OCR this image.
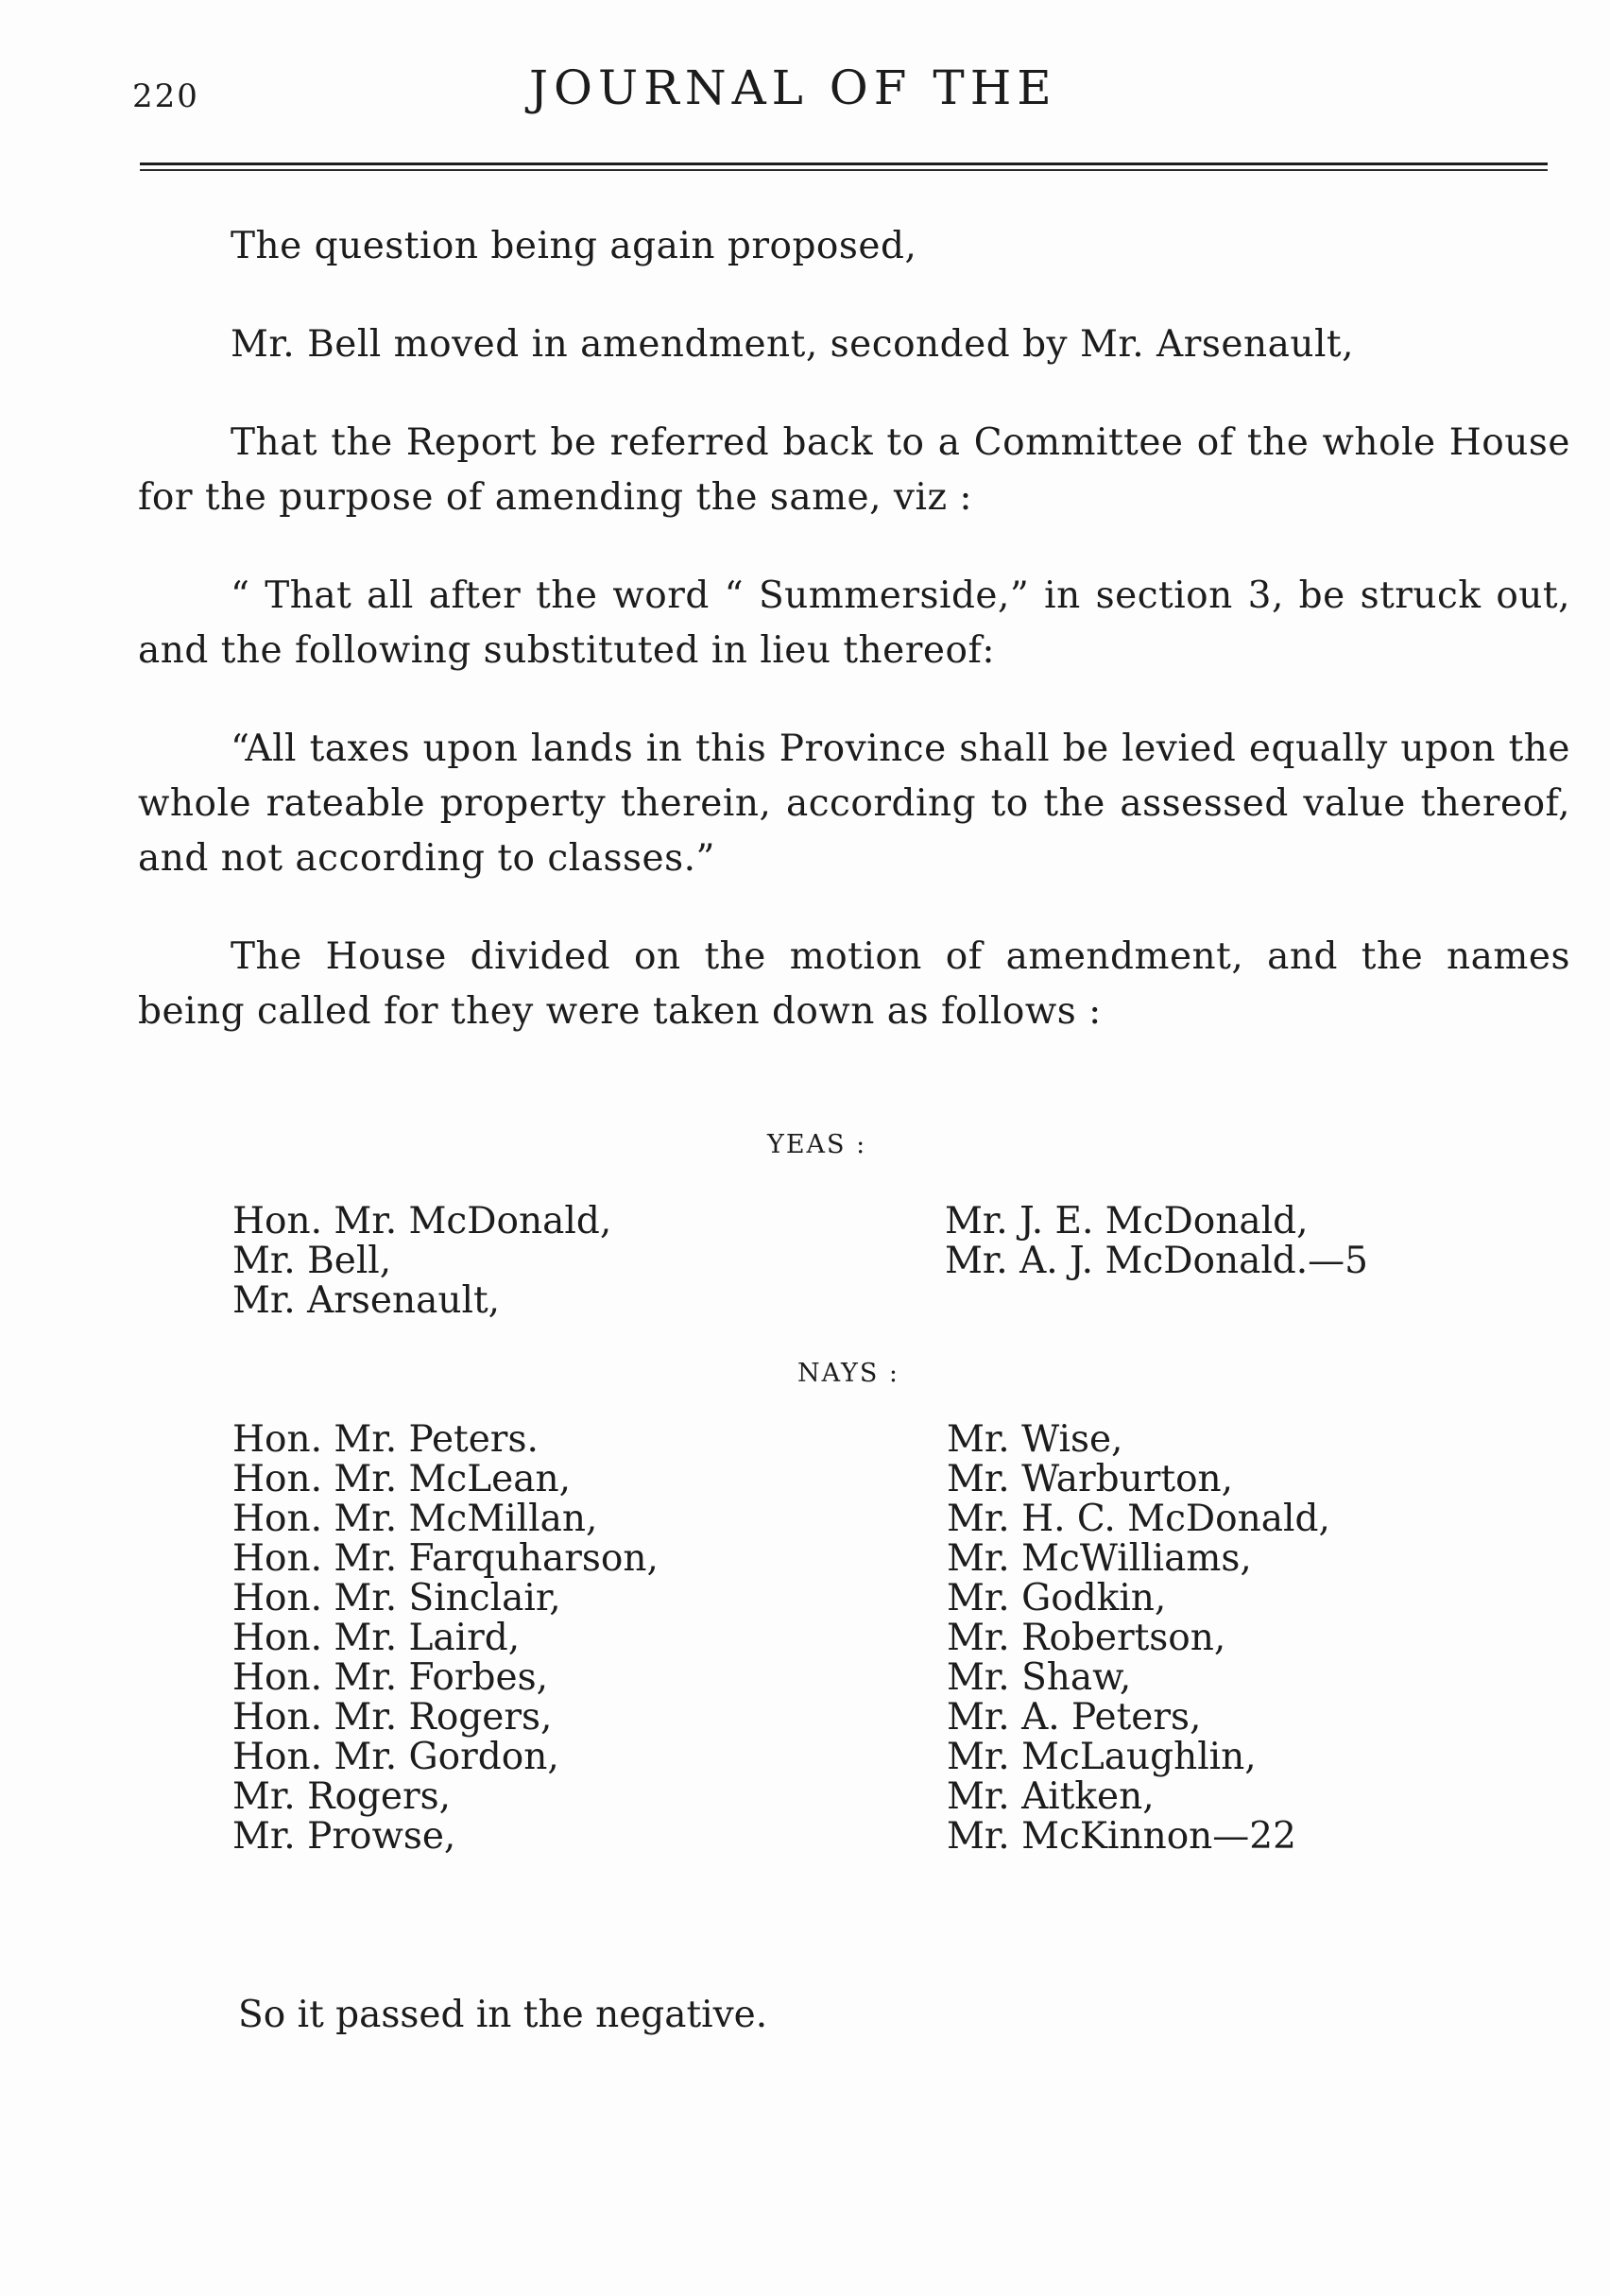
220	JOURNAL OF THE

The question being again proposed,

Mr. Bell moved in amendment, seconded by Mr. Arsenault,

That the Report be referred back to a Committee of the whole House for the purpose of amending the same, viz :

“ That all after the word “ Summerside,” in section 3, be struck out, and the following substituted in lieu thereof:

“All taxes upon lands in this Province shall be levied equally upon the whole rateable property therein, according to the assessed value thereof, and not according to classes.”

The House divided on the motion of amendment, and the names being called for they were taken down as follows :

YEAS :
Hon. Mr. McDonald,
Mr. Bell,
Mr. Arsenault,
Mr. J. E. McDonald,
Mr. A. J. McDonald.—5
NAYS :
Hon. Mr. Peters.
Hon. Mr. McLean,
Hon. Mr. McMillan,
Hon. Mr. Farquharson,
Hon. Mr. Sinclair,
Hon. Mr. Laird,
Hon. Mr. Forbes,
Hon. Mr. Rogers,
Hon. Mr. Gordon,
Mr. Rogers,
Mr. Prowse,
Mr. Wise,
Mr. Warburton,
Mr. H. C. McDonald,
Mr. McWilliams,
Mr. Godkin,
Mr. Robertson,
Mr. Shaw,
Mr. A. Peters,
Mr. McLaughlin,
Mr. Aitken,
Mr. McKinnon—22
So it passed in the negative.
